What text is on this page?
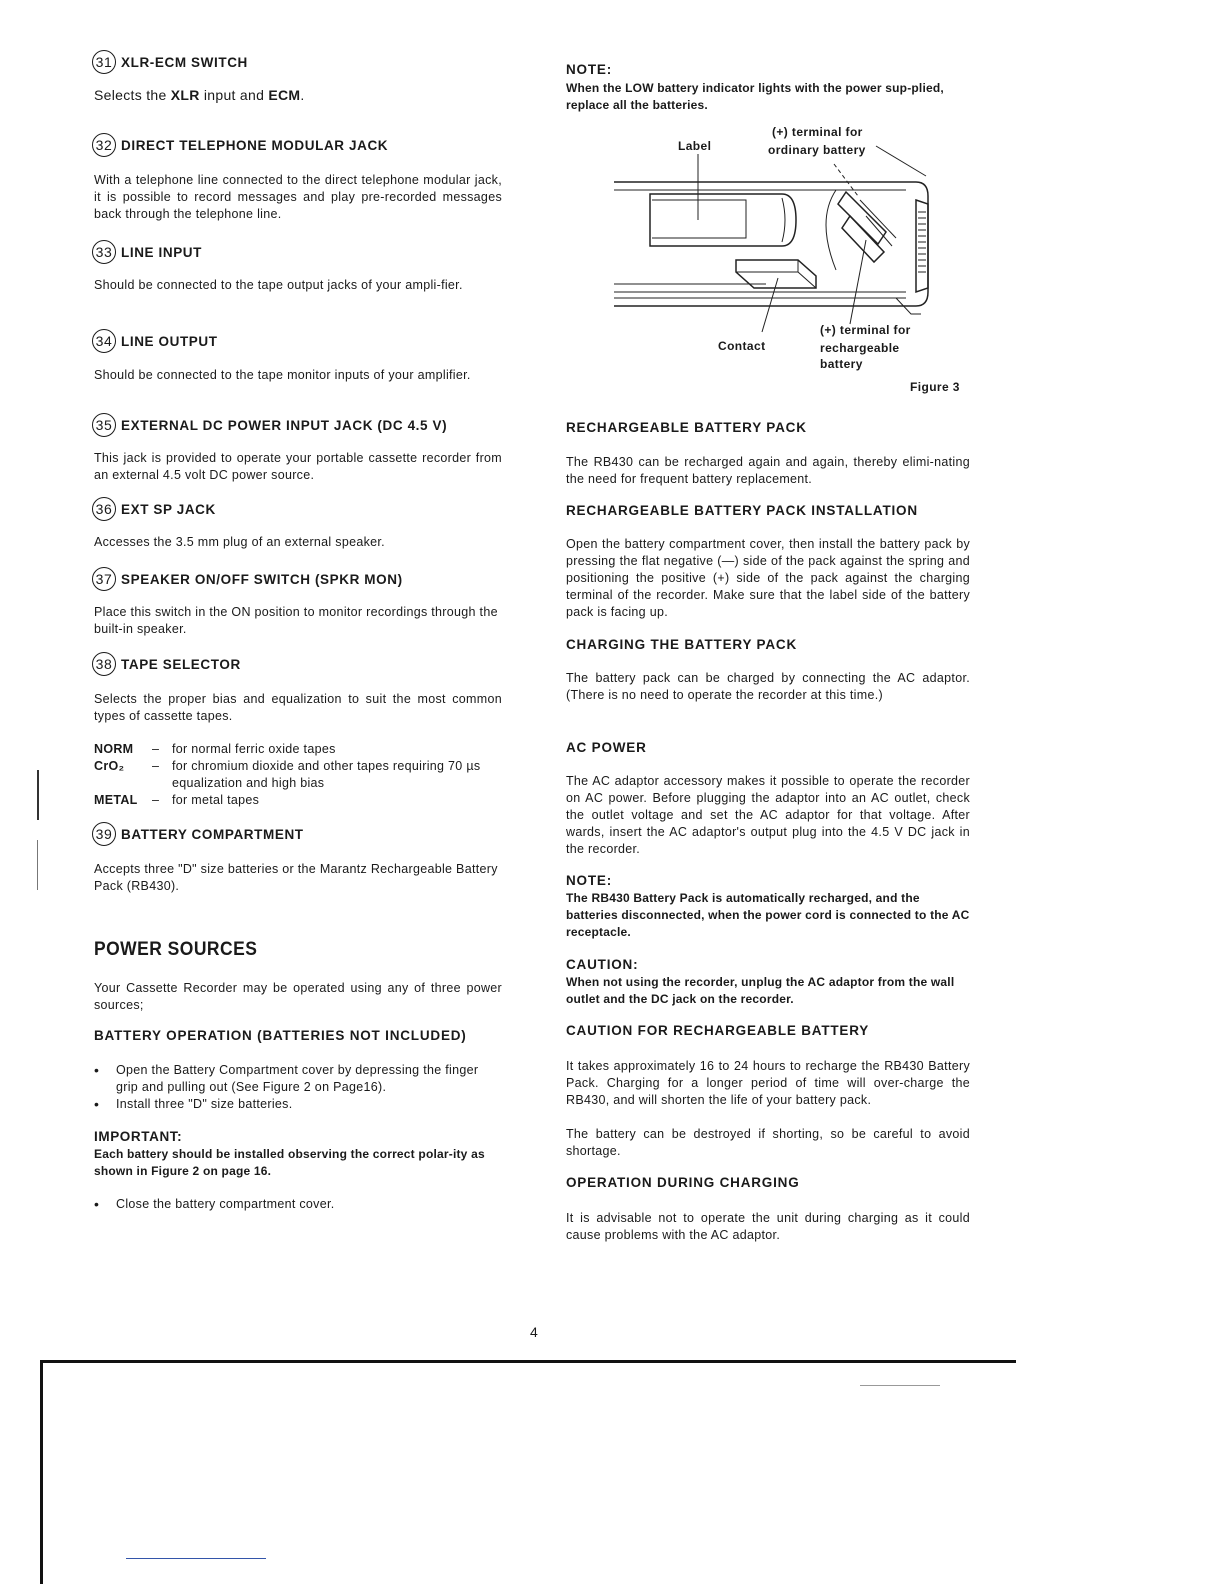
31 XLR-ECM SWITCH
Selects the XLR input and ECM.
32 DIRECT TELEPHONE MODULAR JACK
With a telephone line connected to the direct telephone modular jack, it is possible to record messages and play pre-recorded messages back through the telephone line.
33 LINE INPUT
Should be connected to the tape output jacks of your ampli-fier.
34 LINE OUTPUT
Should be connected to the tape monitor inputs of your amplifier.
35 EXTERNAL DC POWER INPUT JACK (DC 4.5 V)
This jack is provided to operate your portable cassette recorder from an external 4.5 volt DC power source.
36 EXT SP JACK
Accesses the 3.5 mm plug of an external speaker.
37 SPEAKER ON/OFF SWITCH (SPKR MON)
Place this switch in the ON position to monitor recordings through the built-in speaker.
38 TAPE SELECTOR
Selects the proper bias and equalization to suit the most common types of cassette tapes.
NORM	–	for normal ferric oxide tapes
CrO₂	–	for chromium dioxide and other tapes requiring 70 µs equalization and high bias
METAL	–	for metal tapes
39 BATTERY COMPARTMENT
Accepts three "D" size batteries or the Marantz Rechargeable Battery Pack (RB430).
POWER SOURCES
Your Cassette Recorder may be operated using any of three power sources;
BATTERY OPERATION (BATTERIES NOT INCLUDED)
•	Open the Battery Compartment cover by depressing the finger grip and pulling out (See Figure 2 on Page16).
•	Install three "D" size batteries.
IMPORTANT:
Each battery should be installed observing the correct polar-ity as shown in Figure 2 on page 16.
•	Close the battery compartment cover.
NOTE:
When the LOW battery indicator lights with the power sup-plied, replace all the batteries.
Label
(+) terminal for
ordinary battery
Contact
(+) terminal for
rechargeable
battery
Figure 3
RECHARGEABLE BATTERY PACK
The RB430 can be recharged again and again, thereby elimi-nating the need for frequent battery replacement.
RECHARGEABLE BATTERY PACK INSTALLATION
Open the battery compartment cover, then install the battery pack by pressing the flat negative (—) side of the pack against the spring and positioning the positive (+) side of the pack against the charging terminal of the recorder. Make sure that the label side of the battery pack is facing up.
CHARGING THE BATTERY PACK
The battery pack can be charged by connecting the AC adaptor. (There is no need to operate the recorder at this time.)
AC POWER
The AC adaptor accessory makes it possible to operate the recorder on AC power. Before plugging the adaptor into an AC outlet, check the outlet voltage and set the AC adaptor for that voltage. After wards, insert the AC adaptor's output plug into the 4.5 V DC jack in the recorder.
NOTE:
The RB430 Battery Pack is automatically recharged, and the batteries disconnected, when the power cord is connected to the AC receptacle.
CAUTION:
When not using the recorder, unplug the AC adaptor from the wall outlet and the DC jack on the recorder.
CAUTION FOR RECHARGEABLE BATTERY
It takes approximately 16 to 24 hours to recharge the RB430 Battery Pack. Charging for a longer period of time will over-charge the RB430, and will shorten the life of your battery pack.
The battery can be destroyed if shorting, so be careful to avoid shortage.
OPERATION DURING CHARGING
It is advisable not to operate the unit during charging as it could cause problems with the AC adaptor.
4
